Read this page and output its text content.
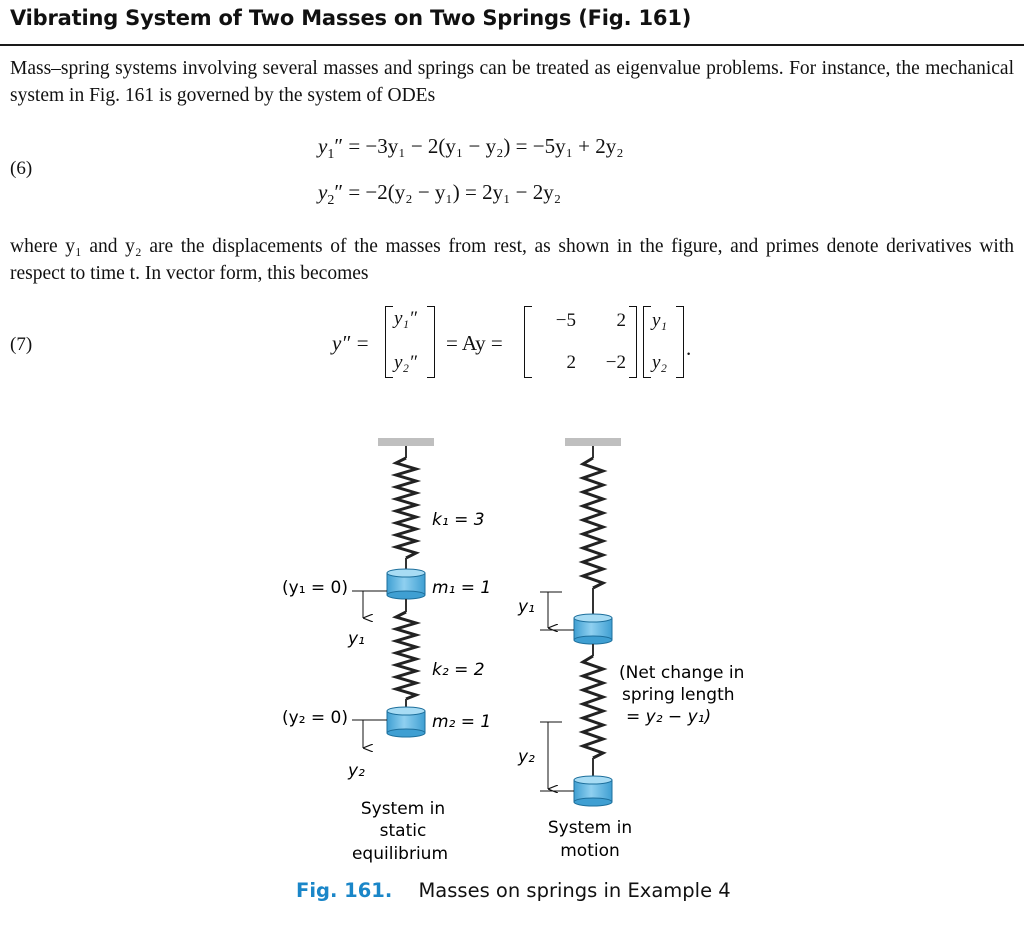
Vibrating System of Two Masses on Two Springs (Fig. 161)
Mass–spring systems involving several masses and springs can be treated as eigenvalue problems. For instance, the mechanical system in Fig. 161 is governed by the system of ODEs
(6)
$y_1'' = -3y_1 - 2(y_1 - y_2) = -5y_1 + 2y_2$
$y_2'' = -2(y_2 - y_1) = 2y_1 - 2y_2$
where y₁ and y₂ are the displacements of the masses from rest, as shown in the figure, and primes denote derivatives with respect to time t. In vector form, this becomes
(7)	y″ =
y₁″
y₂″
= Ay =
−5	2
2	−2
y₁
y₂
.
k₁ = 3
m₁ = 1
k₂ = 2
m₂ = 1
(y₁ = 0)
(y₂ = 0)
y₁
y₂
y₁
y₂
(Net change in
spring length
= y₂ − y₁)
System in
static
equilibrium
System in
motion
Fig. 161. Masses on springs in Example 4
